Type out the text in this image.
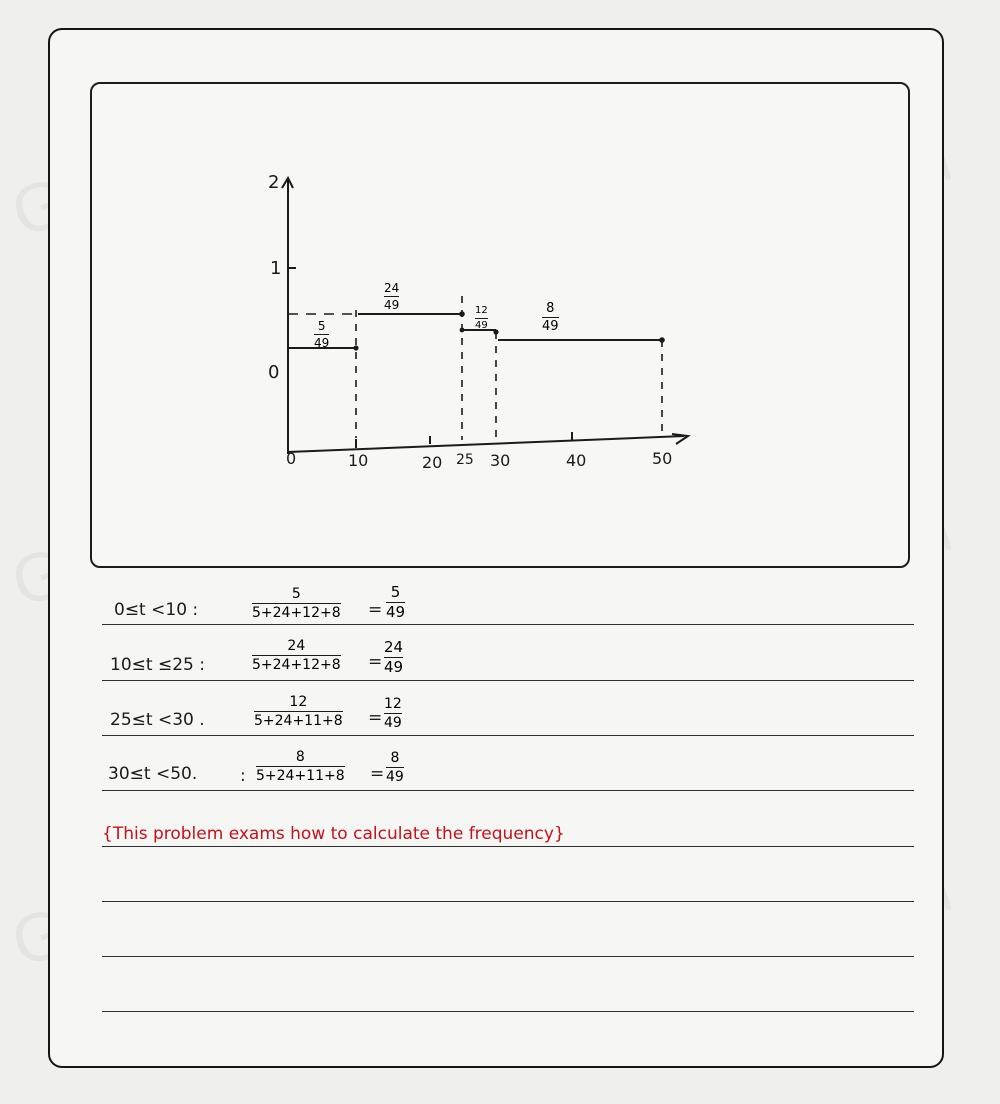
2
1
0
0	10	20 25 30	40	50
5
49
24
49	12
49
8
49
0≤t <10 :
5
5+24+12+8 =
5
49
10≤t ≤25 :
24
5+24+12+8 =
24
49
25≤t <30 .
12
5+24+11+8 =
12
49
30≤t <50.	:
8
5+24+11+8 =
8
49
{This problem exams how to calculate the frequency}
